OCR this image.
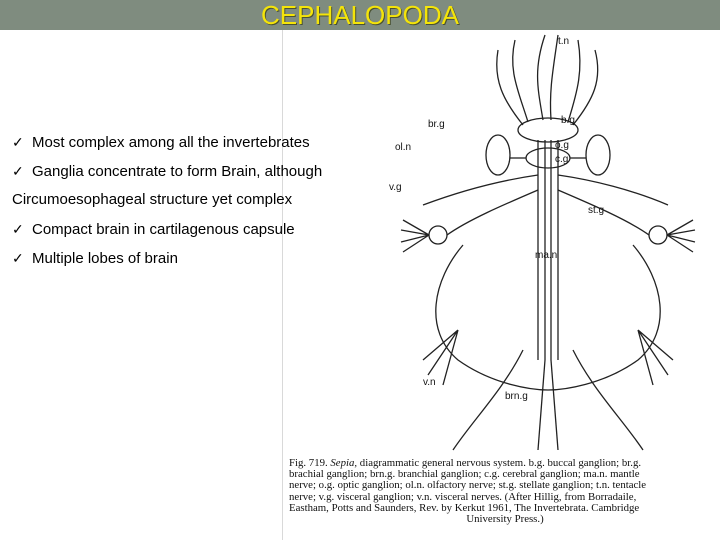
CEPHALOPODA
t.n
br.g	b.g
ol.n	o.g
c.g
v.g
st.g
ma.n
v.n
brn.g
✓ Most complex among all the invertebrates
✓ Ganglia concentrate to form Brain, although
Circumoesophageal structure yet complex
✓ Compact brain in cartilagenous capsule
✓ Multiple lobes of brain

Fig. 719. Sepia, diagrammatic general nervous system. b.g. buccal ganglion; br.g.

brachial ganglion; brn.g. branchial ganglion; c.g. cerebral ganglion; ma.n. mantle

nerve; o.g. optic ganglion; ol.n. olfactory nerve; st.g. stellate ganglion; t.n. tentacle

nerve; v.g. visceral ganglion; v.n. visceral nerves. (After Hillig, from Borradaile,

Eastham, Potts and Saunders, Rev. by Kerkut 1961, The Invertebrata. Cambridge

University Press.)
